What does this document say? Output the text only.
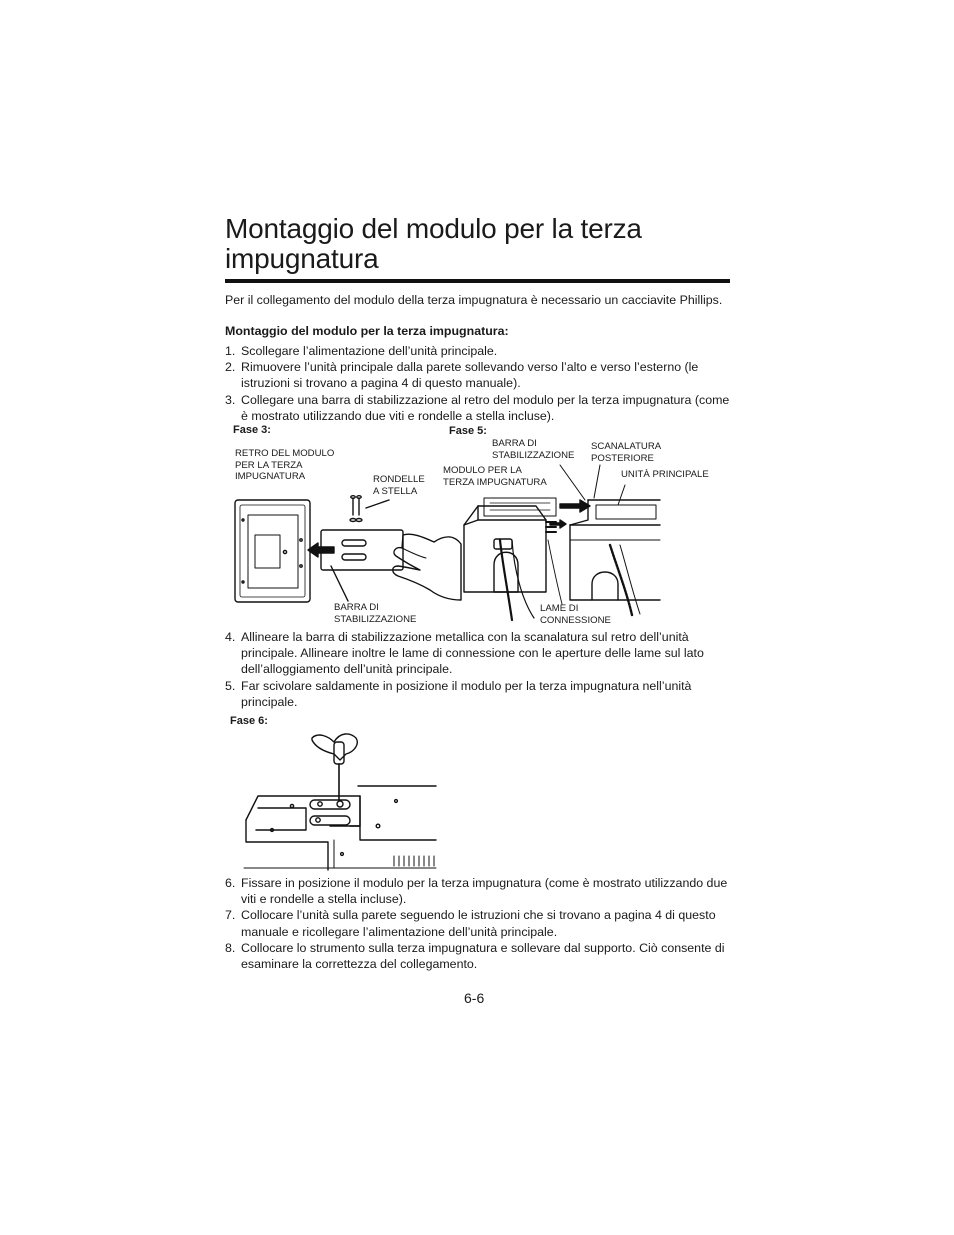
Montaggio del modulo per la terza impugnatura
Per il collegamento del modulo della terza impugnatura è necessario un cacciavite Phillips.
Montaggio del modulo per la terza impugnatura:
1. Scollegare l’alimentazione dell’unità principale.
2. Rimuovere l’unità principale dalla parete sollevando verso l’alto e verso l’esterno (le istruzioni si trovano a pagina 4 di questo manuale).
3. Collegare una barra di stabilizzazione al retro del modulo per la terza impugnatura (come è mostrato utilizzando due viti e rondelle a stella incluse).
Fase 3:	Fase 5:
RETRO DEL MODULO
PER LA TERZA
IMPUGNATURA	RONDELLE
A STELLA
BARRA DI
STABILIZZAZIONE
BARRA DI
STABILIZZAZIONE
SCANALATURA
POSTERIORE
MODULO PER LA
TERZA IMPUGNATURA
UNITÀ PRINCIPALE
LAME DI
CONNESSIONE
4. Allineare la barra di stabilizzazione metallica con la scanalatura sul retro dell’unità principale. Allineare inoltre le lame di connessione con le aperture delle lame sul lato dell’alloggiamento dell’unità principale.
5. Far scivolare saldamente in posizione il modulo per la terza impugnatura nell’unità principale.
Fase 6:
6. Fissare in posizione il modulo per la terza impugnatura (come è mostrato utilizzando due viti e rondelle a stella incluse).
7. Collocare l’unità sulla parete seguendo le istruzioni che si trovano a pagina 4 di questo manuale e ricollegare l’alimentazione dell’unità principale.
8. Collocare lo strumento sulla terza impugnatura e sollevare dal supporto. Ciò consente di esaminare la correttezza del collegamento.
6-6
